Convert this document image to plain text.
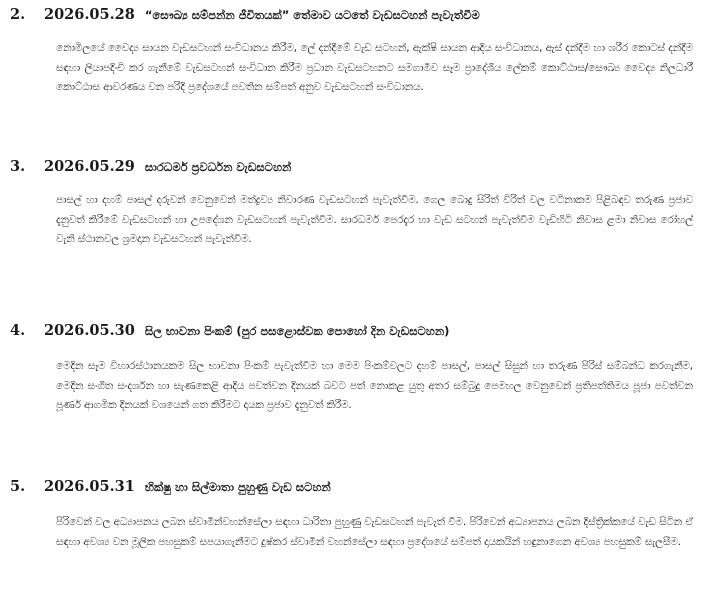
2.	2026.05.28 “සෞඛ්‍ය සම්පන්න ජීවිතයක්” තේමාව යටතේ වැඩසටහන් පැවැත්වීම
නොමිලයේ වෛද්‍ය සායන වැඩසටහන් සංවිධානය කිරීම, ලේ දන්දීමේ වැඩ සටහන්, ඇක්ෂි සායන ආදිය සංවිධානය, ඇස් දන්දීම හා ශරීර කොටස් දන්දීම සඳහා ලියාපදිංචි කර ගැනීමේ වැඩසටහන් සංවිධාන කිරීම ප්‍රධාන වැඩසටහනට සමගාමීව සෑම ප්‍රාදේශීය ලේකම් කොට්ඨාස/සෞඛ්‍ය වෛද්‍ය නිලධාරී කොට්ඨාස ආවරණය වන පරිදි ප්‍රදේශයේ පවතින සම්පත් අනුව වැඩසටහන් සංවිධානය.
3.	2026.05.29 සාරධර්ම ප්‍රවර්ධන වැඩසටහන්
පාසල් හා දහම් පාසල් දරුවන් වෙනුවෙන් මත්ද්‍රව්‍ය නිවාරණ වැඩසටහන් පැවැත්වීම. ගෙල බොදු සිරිත් විරිත් වල වටිනාකම පිළිබඳව තරුණ ප්‍රජාව දැනුවත් කිරීමේ වැඩසටහන් හා උපදේශන වැඩසටහන් පැවැත්වීම. සාරධර්ම පෙරදැර හා වැඩ සටහන් පැවැත්වීම වැඩිහිටි නිවාස ළමා නිවාස රෝහල් වැනි ස්ථානවල ශ්‍රමදාන වැඩසටහන් පැවැත්වීම.
4.	2026.05.30 සිල භාවනා පිංකම් (පුර පසළොස්වක පොහෝ දින වැඩසටහන)
මෙදින සෑම විහාරස්ථානයකම සිල භාවනා පිංකම් පැවැත්වීම හා මෙම පිංකම්වලට දහම් පාසල්, පාසල් සිසුන් හා තරුණ පිරිස් සම්බන්ධ කරගැනීම, මෙදින සංගීත සංදර්ශන හා සැණකෙළි ආදිය පවත්වන දිනයක් බවට පත් නොකළ යුතු අතර සම්බුදු පෙමහල වෙනුවෙන් ප්‍රතිපත්තිමය පූජා පවත්වන පූර්ණ ආගමික දිනයක් වශයෙන් ගත කිරීමට දායක ප්‍රජාව දැනුවත් කිරීම.
5.	2026.05.31 භික්ෂු හා සිල්මාතා පුහුණු වැඩ සටහන්
පිරිවෙන් වල අධ්‍යාපනය ලබන ස්වාමීන්වහන්සේලා සඳහා ධාරිතා පුහුණු වැඩසටහන් පැවැත් වීම. පිරිවෙන් අධ්‍යාපනය ලබන දිස්ත්‍රික්කයේ වැඩ සිටින ඒ සඳහා අවශ්‍ය වන මූලික පහසුකම් සපයාගැනීමට දුෂ්කර ස්වාමීන් වහන්සේලා සඳහා ප්‍රදේශයේ සම්පත් දායකයින් හඳුනාගෙන අවශ්‍ය පහසුකම් සැලසීම.
